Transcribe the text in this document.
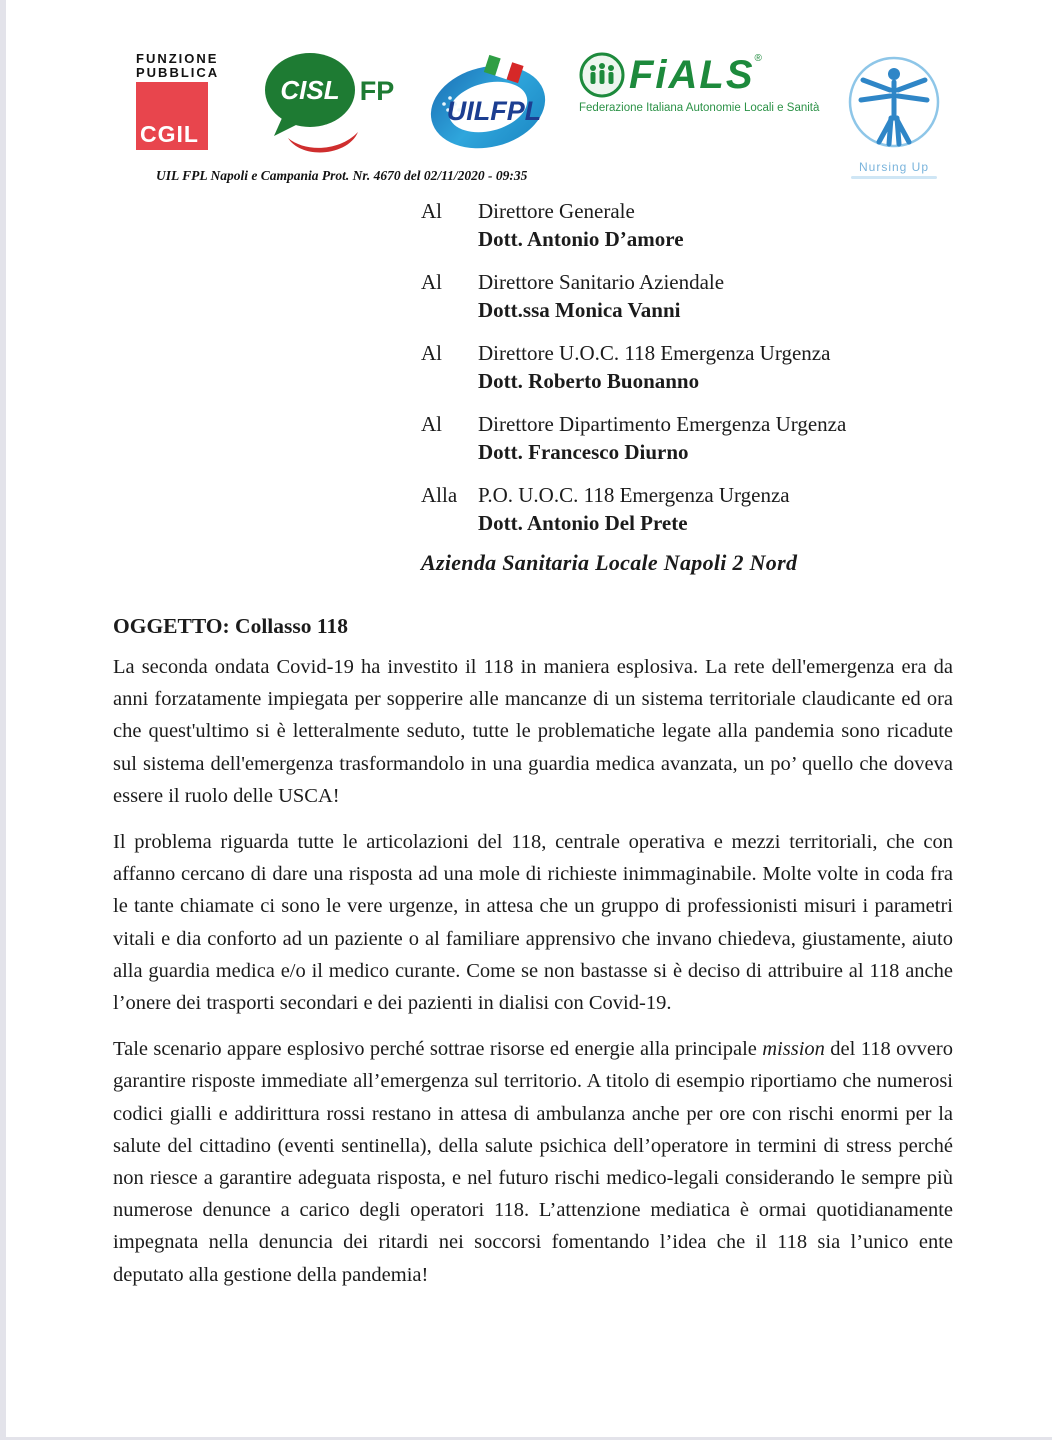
FUNZIONE
PUBBLICA
CGIL
CISL FP
UILFPL
FiALS®
Federazione Italiana Autonomie Locali e Sanità
Nursing Up
UIL FPL Napoli e Campania Prot. Nr. 4670 del 02/11/2020 - 09:35
Al	Direttore Generale
Dott. Antonio D’amore
Al	Direttore Sanitario Aziendale
Dott.ssa Monica Vanni
Al	Direttore U.O.C. 118 Emergenza Urgenza
Dott. Roberto Buonanno
Al	Direttore Dipartimento Emergenza Urgenza
Dott. Francesco Diurno
Alla P.O. U.O.C. 118 Emergenza Urgenza
Dott. Antonio Del Prete
Azienda Sanitaria Locale Napoli 2 Nord
OGGETTO: Collasso 118

La seconda ondata Covid-19 ha investito il 118 in maniera esplosiva. La rete dell'emergenza era da anni forzatamente impiegata per sopperire alle mancanze di un sistema territoriale claudicante ed ora che quest'ultimo si è letteralmente seduto, tutte le problematiche legate alla pandemia sono ricadute sul sistema dell'emergenza trasformandolo in una guardia medica avanzata, un po’ quello che doveva essere il ruolo delle USCA!

Il problema riguarda tutte le articolazioni del 118, centrale operativa e mezzi territoriali, che con affanno cercano di dare una risposta ad una mole di richieste inimmaginabile. Molte volte in coda fra le tante chiamate ci sono le vere urgenze, in attesa che un gruppo di professionisti misuri i parametri vitali e dia conforto ad un paziente o al familiare apprensivo che invano chiedeva, giustamente, aiuto alla guardia medica e/o il medico curante. Come se non bastasse si è deciso di attribuire al 118 anche l’onere dei trasporti secondari e dei pazienti in dialisi con Covid-19.

Tale scenario appare esplosivo perché sottrae risorse ed energie alla principale mission del 118 ovvero garantire risposte immediate all’emergenza sul territorio. A titolo di esempio riportiamo che numerosi codici gialli e addirittura rossi restano in attesa di ambulanza anche per ore con rischi enormi per la salute del cittadino (eventi sentinella), della salute psichica dell’operatore in termini di stress perché non riesce a garantire adeguata risposta, e nel futuro rischi medico-legali considerando le sempre più numerose denunce a carico degli operatori 118. L’attenzione mediatica è ormai quotidianamente impegnata nella denuncia dei ritardi nei soccorsi fomentando l’idea che il 118 sia l’unico ente deputato alla gestione della pandemia!
